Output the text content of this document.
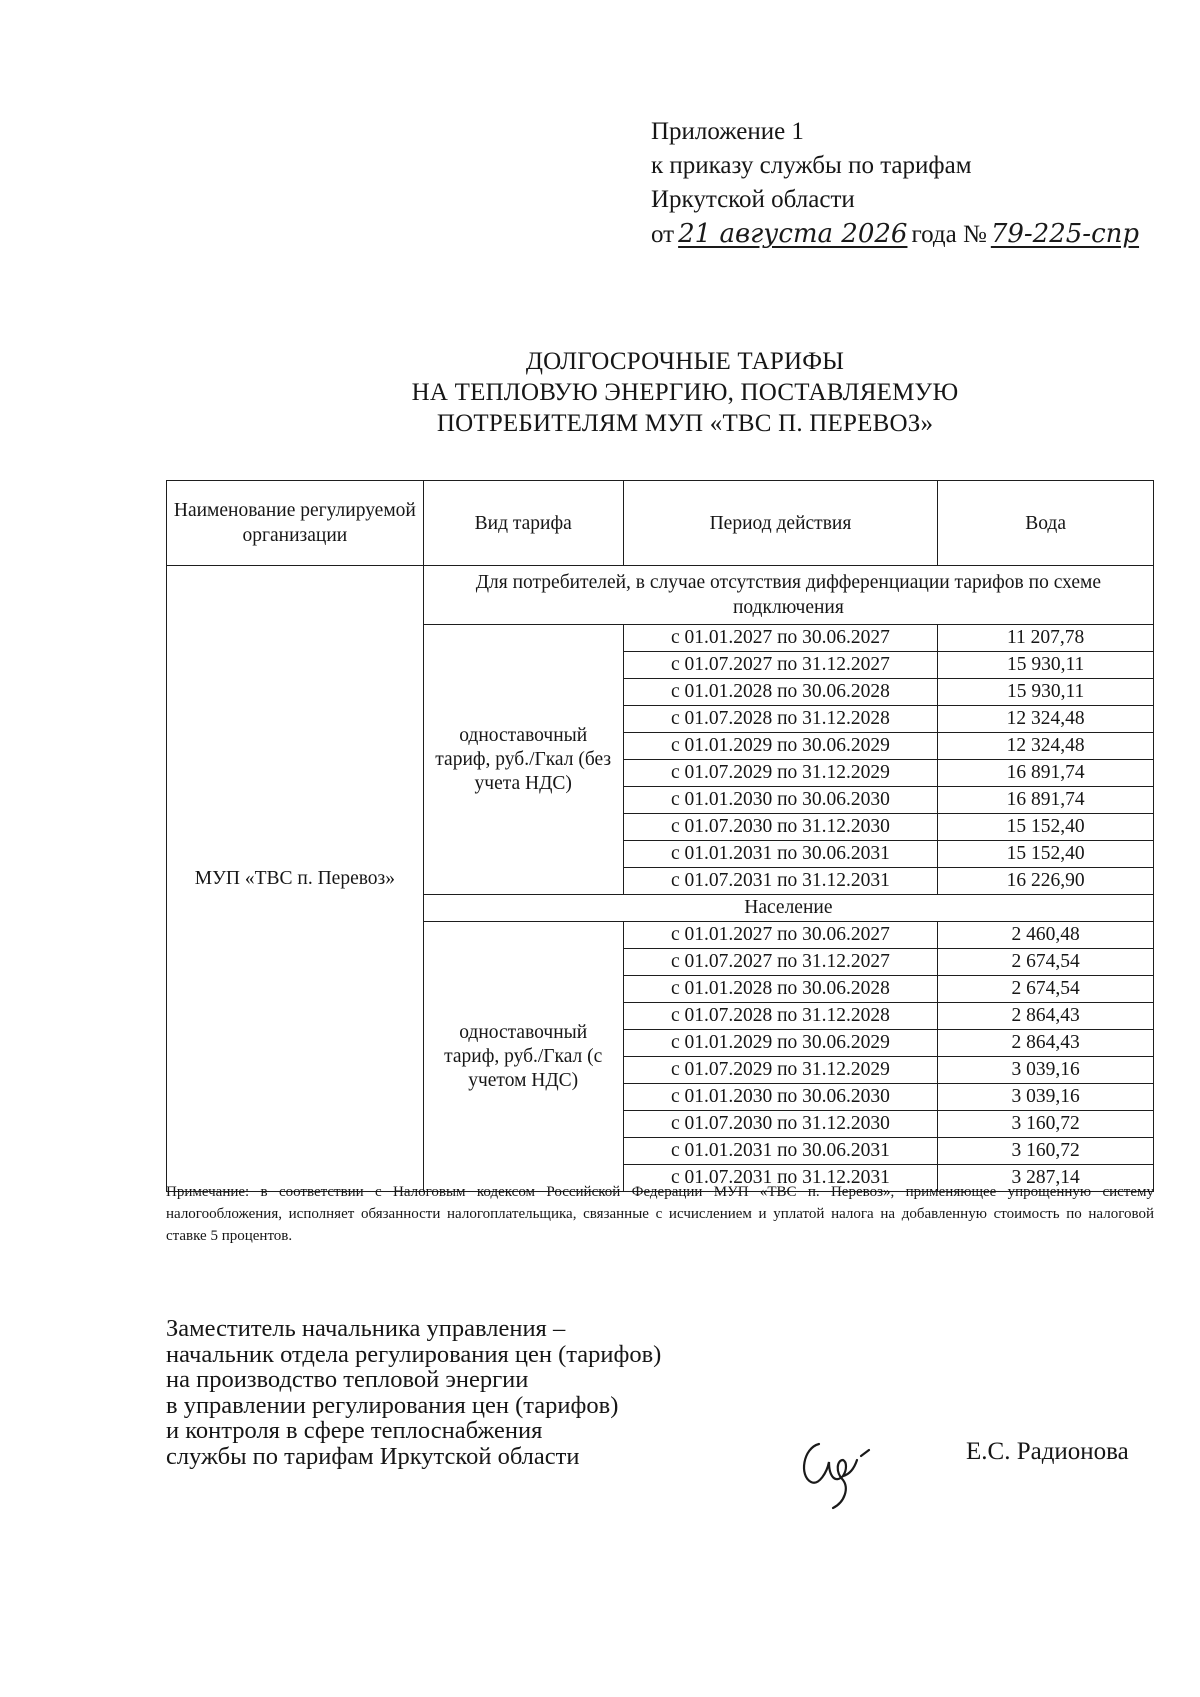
Приложение 1
к приказу службы по тарифам
Иркутской области
от 21 августа 2026 года № 79-225-спр
ДОЛГОСРОЧНЫЕ ТАРИФЫ
НА ТЕПЛОВУЮ ЭНЕРГИЮ, ПОСТАВЛЯЕМУЮ
ПОТРЕБИТЕЛЯМ МУП «ТВС П. ПЕРЕВОЗ»
Наименование регулируемой организации	Вид тарифа	Период действия	Вода
МУП «ТВС п. Перевоз»	Для потребителей, в случае отсутствия дифференциации тарифов по схеме подключения		
	одноставочный тариф, руб./Гкал (без учета НДС)	с 01.01.2027 по 30.06.2027	11 207,78
		с 01.07.2027 по 31.12.2027	15 930,11
		с 01.01.2028 по 30.06.2028	15 930,11
		с 01.07.2028 по 31.12.2028	12 324,48
		с 01.01.2029 по 30.06.2029	12 324,48
		с 01.07.2029 по 31.12.2029	16 891,74
		с 01.01.2030 по 30.06.2030	16 891,74
		с 01.07.2030 по 31.12.2030	15 152,40
		с 01.01.2031 по 30.06.2031	15 152,40
		с 01.07.2031 по 31.12.2031	16 226,90
	Население		
	одноставочный тариф, руб./Гкал (с учетом НДС)	с 01.01.2027 по 30.06.2027	2 460,48
		с 01.07.2027 по 31.12.2027	2 674,54
		с 01.01.2028 по 30.06.2028	2 674,54
		с 01.07.2028 по 31.12.2028	2 864,43
		с 01.01.2029 по 30.06.2029	2 864,43
		с 01.07.2029 по 31.12.2029	3 039,16
		с 01.01.2030 по 30.06.2030	3 039,16
		с 01.07.2030 по 31.12.2030	3 160,72
		с 01.01.2031 по 30.06.2031	3 160,72
		с 01.07.2031 по 31.12.2031	3 287,14
Примечание: в соответствии с Налоговым кодексом Российской Федерации МУП «ТВС п. Перевоз», применяющее упрощенную систему налогообложения, исполняет обязанности налогоплательщика, связанные с исчислением и уплатой налога на добавленную стоимость по налоговой ставке 5 процентов.
Заместитель начальника управления –
начальник отдела регулирования цен (тарифов)
на производство тепловой энергии
в управлении регулирования цен (тарифов)
и контроля в сфере теплоснабжения
службы по тарифам Иркутской области	Е.С. Радионова
